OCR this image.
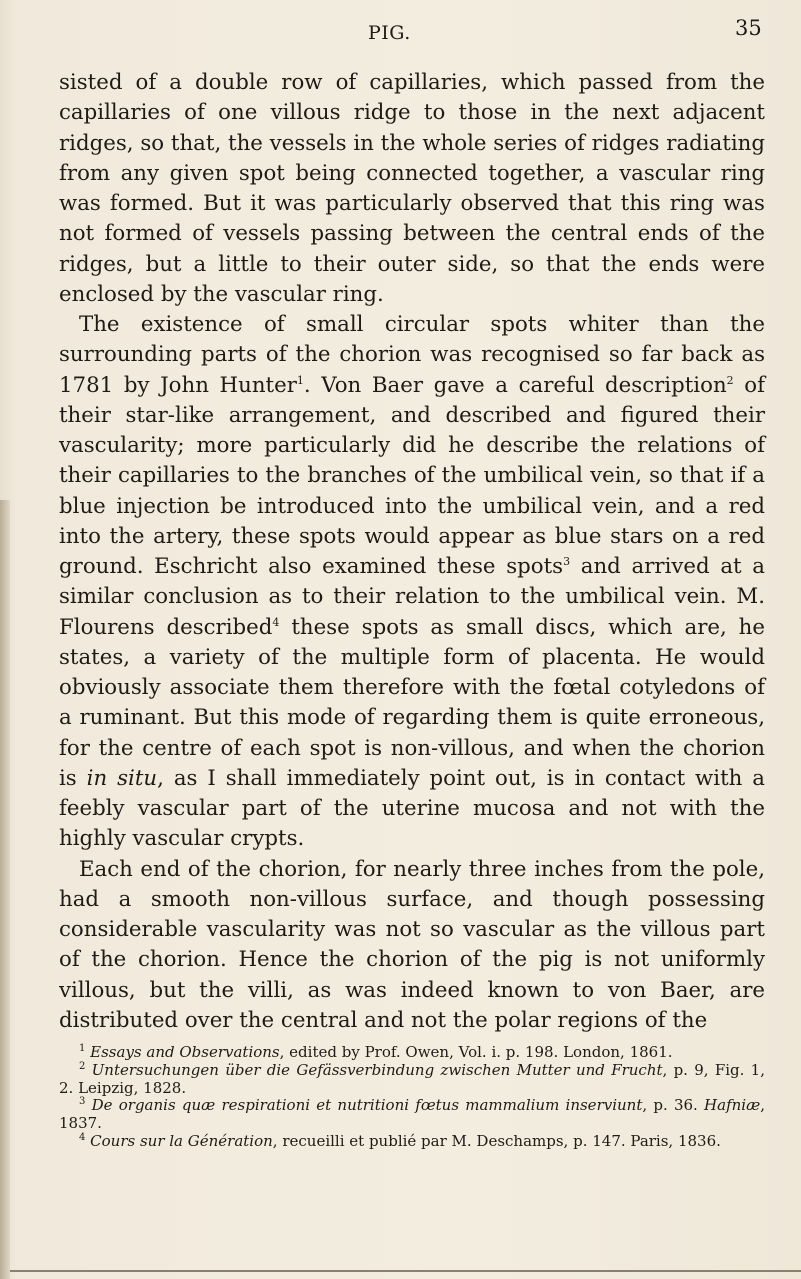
PIG.	35

sisted of a double row of capillaries, which passed from the capillaries of one villous ridge to those in the next adjacent ridges, so that, the vessels in the whole series of ridges radiating from any given spot being connected together, a vascular ring was formed. But it was particularly observed that this ring was not formed of vessels passing between the central ends of the ridges, but a little to their outer side, so that the ends were enclosed by the vascular ring.

The existence of small circular spots whiter than the surrounding parts of the chorion was recognised so far back as 1781 by John Hunter$^1$. Von Baer gave a careful description$^2$ of their star-like arrangement, and described and figured their vascularity; more particularly did he describe the relations of their capillaries to the branches of the umbilical vein, so that if a blue injection be introduced into the umbilical vein, and a red into the artery, these spots would appear as blue stars on a red ground. Eschricht also examined these spots$^3$ and arrived at a similar conclusion as to their relation to the umbilical vein. M. Flourens described$^4$ these spots as small discs, which are, he states, a variety of the multiple form of placenta. He would obviously associate them therefore with the fœtal cotyledons of a ruminant. But this mode of regarding them is quite erroneous, for the centre of each spot is non-villous, and when the chorion is in situ, as I shall immediately point out, is in contact with a feebly vascular part of the uterine mucosa and not with the highly vascular crypts.

Each end of the chorion, for nearly three inches from the pole, had a smooth non-villous surface, and though possessing considerable vascularity was not so vascular as the villous part of the chorion. Hence the chorion of the pig is not uniformly villous, but the villi, as was indeed known to von Baer, are distributed over the central and not the polar regions of the

$^1$ Essays and Observations, edited by Prof. Owen, Vol. i. p. 198. London, 1861.

$^2$ Untersuchungen über die Gefässverbindung zwischen Mutter und Frucht, p. 9, Fig. 1, 2. Leipzig, 1828.

$^3$ De organis quæ respirationi et nutritioni fœtus mammalium inserviunt, p. 36. Hafniæ, 1837.

$^4$ Cours sur la Génération, recueilli et publié par M. Deschamps, p. 147. Paris, 1836.
